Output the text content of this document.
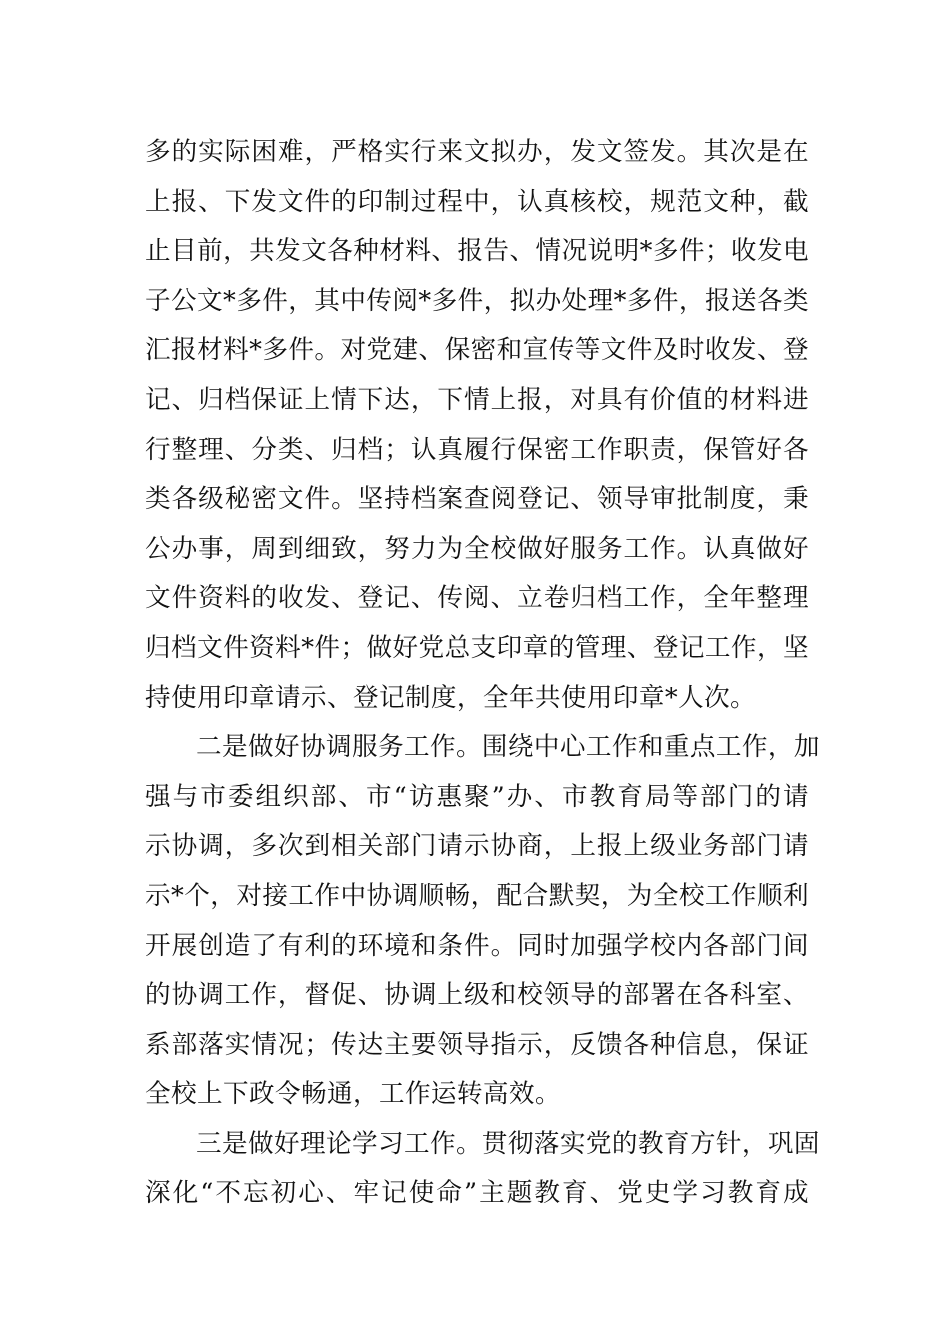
多的实际困难，严格实行来文拟办，发文签发。其次是在
上报、下发文件的印制过程中，认真核校，规范文种，截
止目前，共发文各种材料、报告、情况说明*多件；收发电
子公文*多件，其中传阅*多件，拟办处理*多件，报送各类
汇报材料*多件。对党建、保密和宣传等文件及时收发、登
记、归档保证上情下达，下情上报，对具有价值的材料进
行整理、分类、归档；认真履行保密工作职责，保管好各
类各级秘密文件。坚持档案查阅登记、领导审批制度，秉
公办事，周到细致，努力为全校做好服务工作。认真做好
文件资料的收发、登记、传阅、立卷归档工作，全年整理
归档文件资料*件；做好党总支印章的管理、登记工作，坚
持使用印章请示、登记制度，全年共使用印章*人次。
二是做好协调服务工作。围绕中心工作和重点工作，加
强与市委组织部、市“访惠聚”办、市教育局等部门的请
示协调，多次到相关部门请示协商，上报上级业务部门请
示*个，对接工作中协调顺畅，配合默契，为全校工作顺利
开展创造了有利的环境和条件。同时加强学校内各部门间
的协调工作，督促、协调上级和校领导的部署在各科室、
系部落实情况；传达主要领导指示，反馈各种信息，保证
全校上下政令畅通，工作运转高效。
三是做好理论学习工作。贯彻落实党的教育方针，巩固
深化“不忘初心、牢记使命”主题教育、党史学习教育成
